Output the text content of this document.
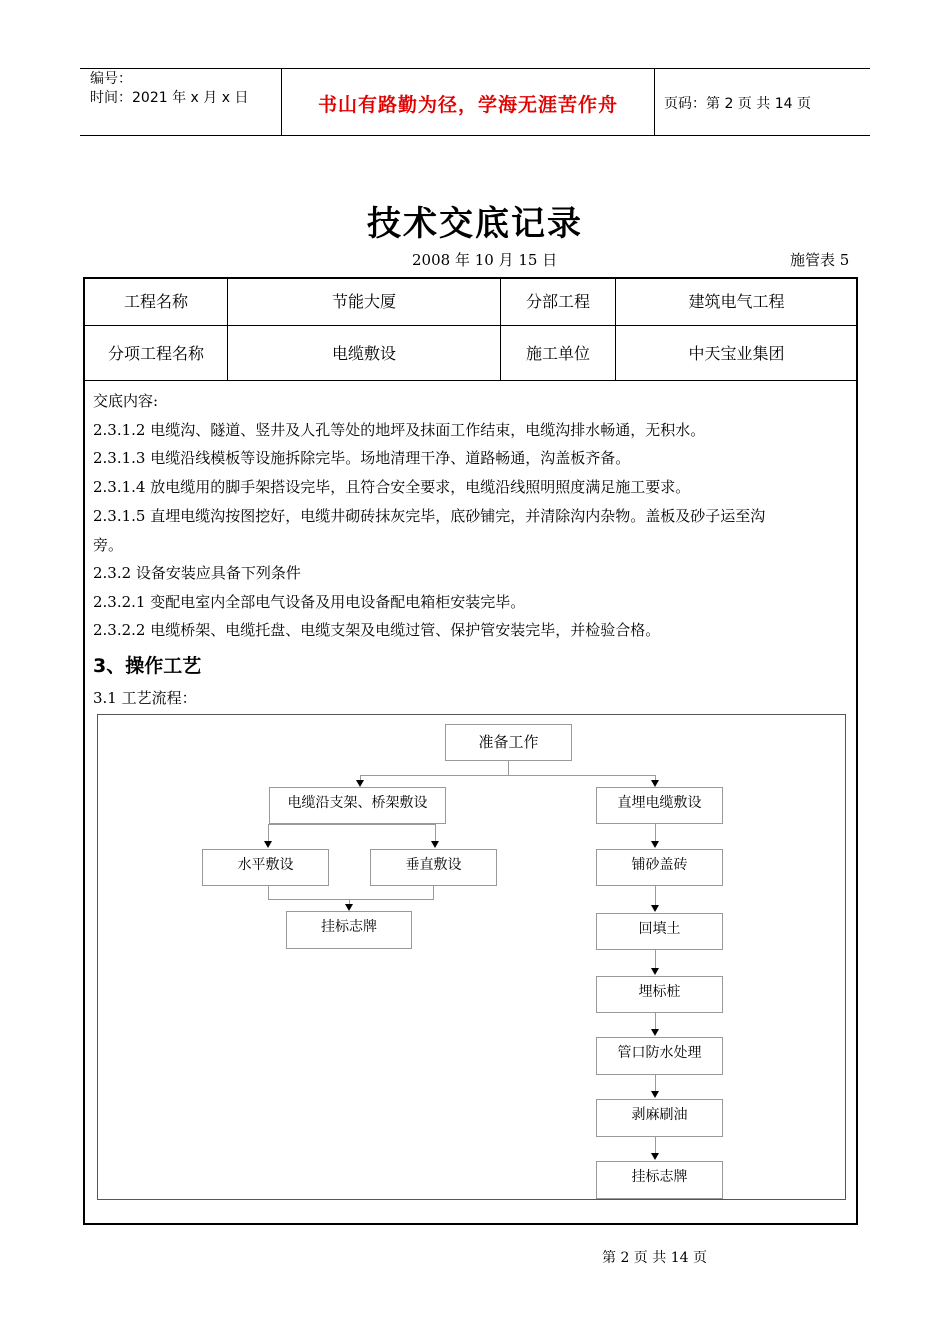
编号：
时间：2021 年 x 月 x 日	书山有路勤为径，学海无涯苦作舟	页码：第 2 页 共 14 页
技术交底记录
2008 年 10 月 15 日	施管表 5
工程名称	节能大厦	分部工程	建筑电气工程
分项工程名称	电缆敷设	施工单位	中天宝业集团
交底内容:
2.3.1.2 电缆沟、隧道、竖井及人孔等处的地坪及抹面工作结束，电缆沟排水畅通，无积水。
2.3.1.3 电缆沿线模板等设施拆除完毕。场地清理干净、道路畅通，沟盖板齐备。
2.3.1.4 放电缆用的脚手架搭设完毕，且符合安全要求，电缆沿线照明照度满足施工要求。
2.3.1.5 直埋电缆沟按图挖好，电缆井砌砖抹灰完毕，底砂铺完，并清除沟内杂物。盖板及砂子运至沟
旁。
2.3.2 设备安装应具备下列条件
2.3.2.1 变配电室内全部电气设备及用电设备配电箱柜安装完毕。
2.3.2.2 电缆桥架、电缆托盘、电缆支架及电缆过管、保护管安装完毕，并检验合格。
3、操作工艺
3.1 工艺流程：
准备工作
电缆沿支架、桥架敷设
水平敷设	垂直敷设
挂标志牌
直埋电缆敷设
铺砂盖砖
回填土
埋标桩
管口防水处理
剥麻刷油
挂标志牌
第 2 页 共 14 页
